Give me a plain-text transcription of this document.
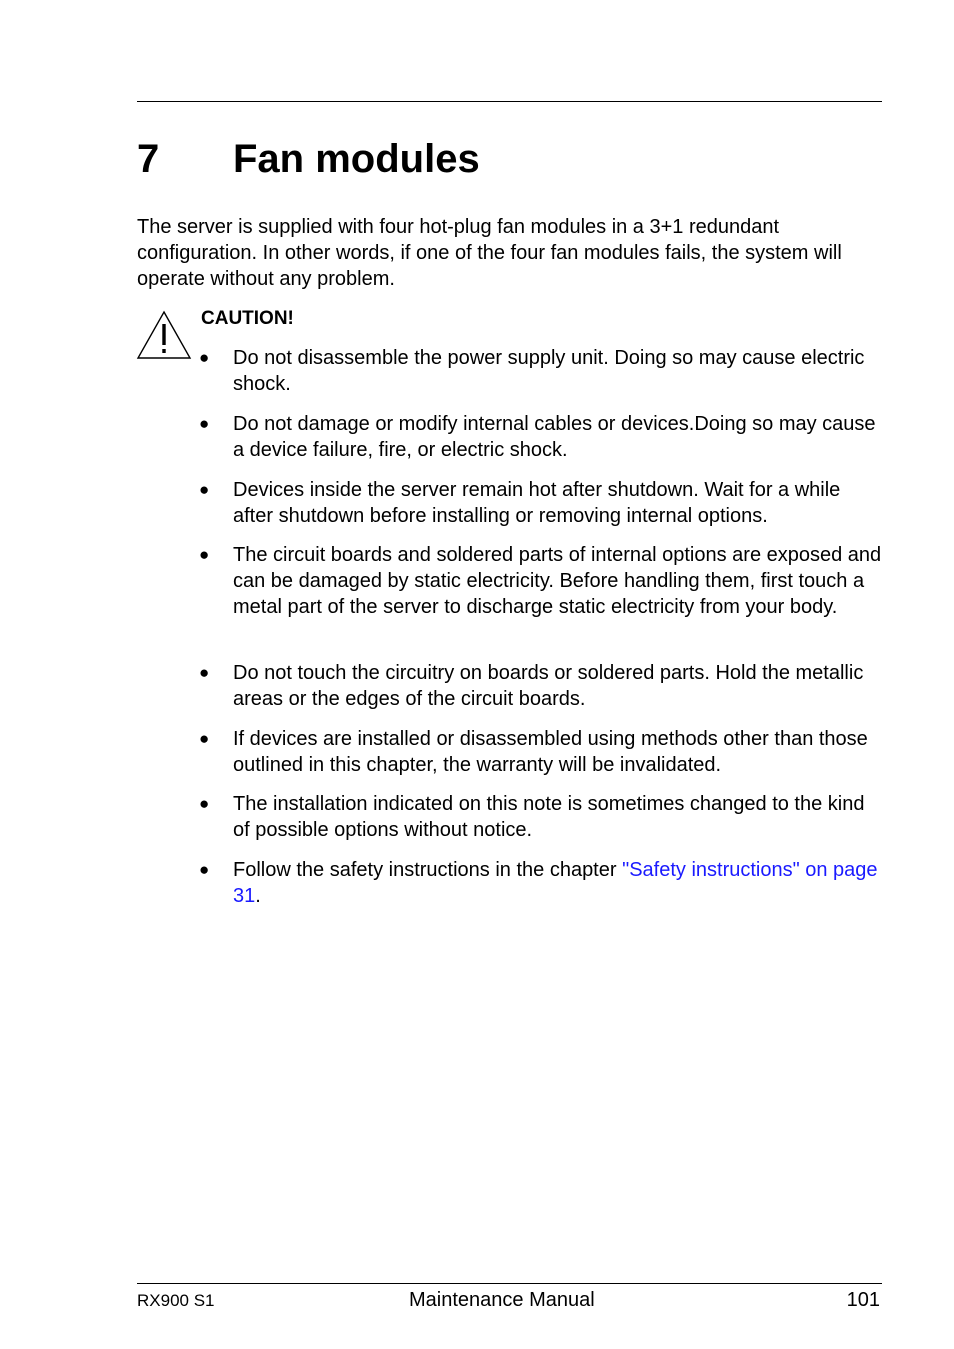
7 Fan modules

The server is supplied with four hot-plug fan modules in a 3+1 redundant configuration. In other words, if one of the four fan modules fails, the system will operate without any problem.

CAUTION!

● Do not disassemble the power supply unit. Doing so may cause electric shock.
● Do not damage or modify internal cables or devices.Doing so may cause a device failure, fire, or electric shock.
● Devices inside the server remain hot after shutdown. Wait for a while after shutdown before installing or removing internal options.
● The circuit boards and soldered parts of internal options are exposed and can be damaged by static electricity. Before handling them, first touch a metal part of the server to discharge static electricity from your body.
● Do not touch the circuitry on boards or soldered parts. Hold the metallic areas or the edges of the circuit boards.
● If devices are installed or disassembled using methods other than those outlined in this chapter, the warranty will be invalidated.
● The installation indicated on this note is sometimes changed to the kind of possible options without notice.
● Follow the safety instructions in the chapter "Safety instructions" on page 31.
RX900 S1	Maintenance Manual	101
